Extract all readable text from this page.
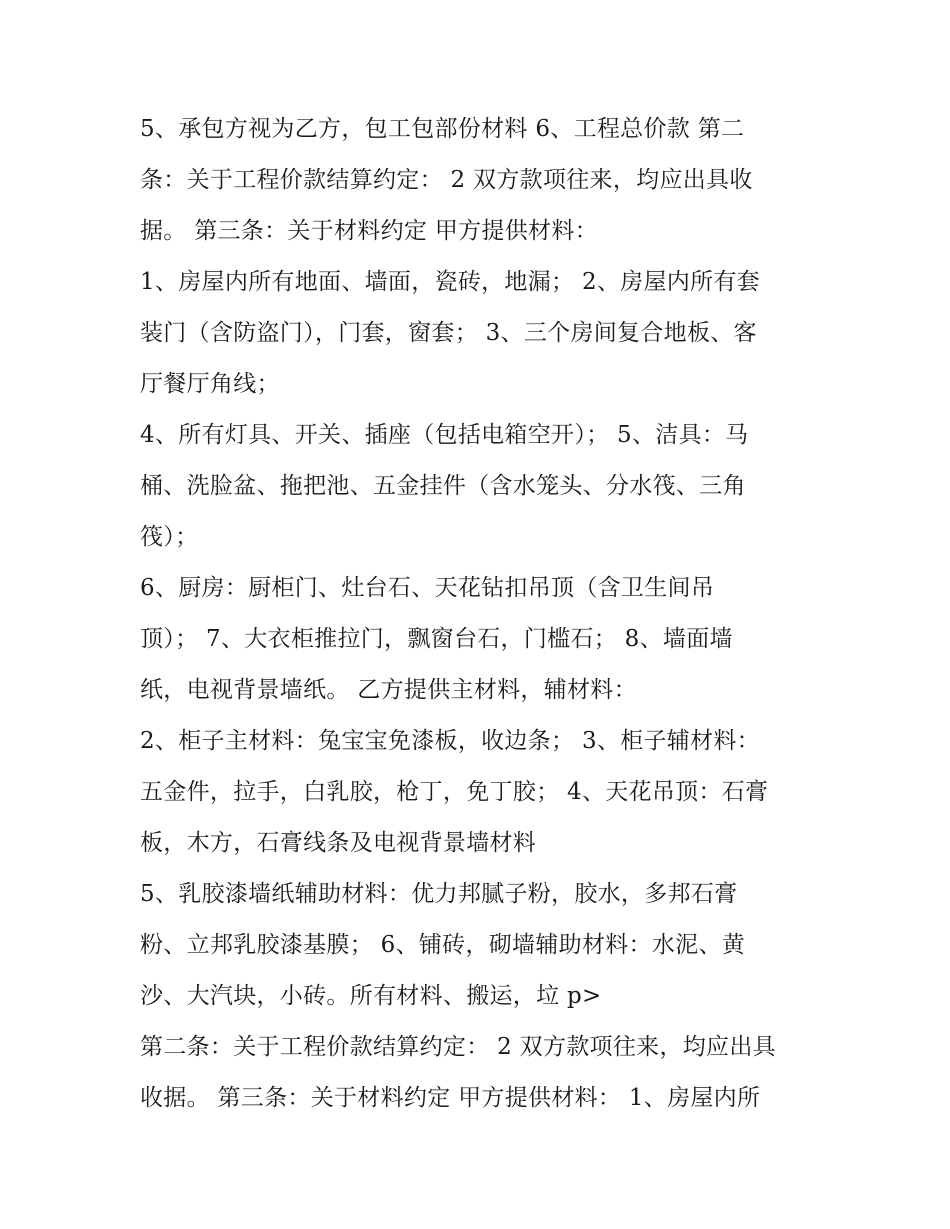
5、承包方视为乙方，包工包部份材料 6、工程总价款 第二
条：关于工程价款结算约定： 2 双方款项往来，均应出具收
据。 第三条：关于材料约定 甲方提供材料：
1、房屋内所有地面、墙面，瓷砖，地漏； 2、房屋内所有套
装门（含防盗门），门套，窗套； 3、三个房间复合地板、客
厅餐厅角线；
4、所有灯具、开关、插座（包括电箱空开）； 5、洁具：马
桶、洗脸盆、拖把池、五金挂件（含水笼头、分水筏、三角
筏）；
6、厨房：厨柜门、灶台石、天花钻扣吊顶（含卫生间吊
顶）； 7、大衣柜推拉门，飘窗台石，门槛石； 8、墙面墙
纸，电视背景墙纸。 乙方提供主材料，辅材料：
2、柜子主材料：兔宝宝免漆板，收边条； 3、柜子辅材料：
五金件，拉手，白乳胶，枪丁，免丁胶； 4、天花吊顶：石膏
板，木方，石膏线条及电视背景墙材料
5、乳胶漆墙纸辅助材料：优力邦腻子粉，胶水，多邦石膏
粉、立邦乳胶漆基膜； 6、铺砖，砌墙辅助材料：水泥、黄
沙、大汽块，小砖。所有材料、搬运，垃 p>
第二条：关于工程价款结算约定： 2 双方款项往来，均应出具
收据。 第三条：关于材料约定 甲方提供材料： 1、房屋内所
